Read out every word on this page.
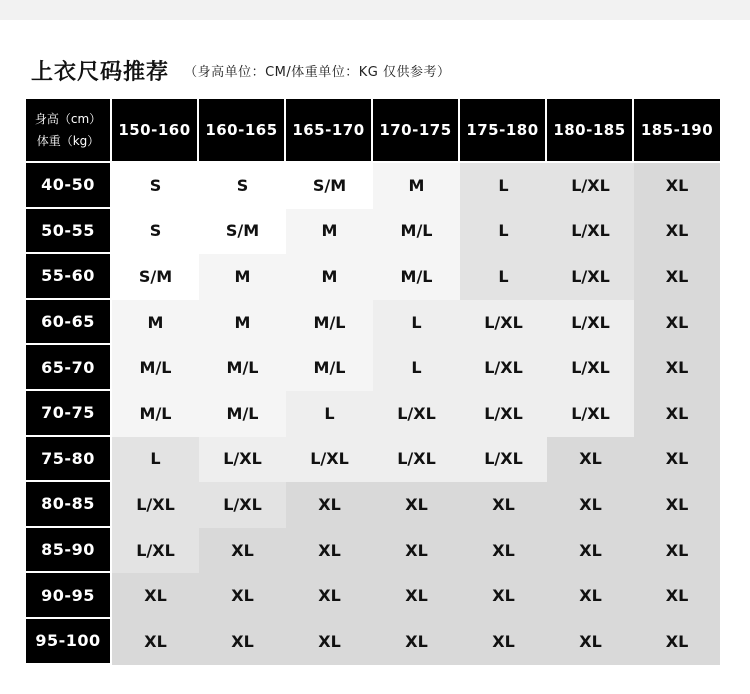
上衣尺码推荐 （身高单位：CM/体重单位：KG 仅供参考）
身高（cm）
体重（kg）	150-160	160-165	165-170	170-175	175-180	180-185	185-190
40-50	S	S	S/M	M	L	L/XL	XL
50-55	S	S/M	M	M/L	L	L/XL	XL
55-60	S/M	M	M	M/L	L	L/XL	XL
60-65	M	M	M/L	L	L/XL	L/XL	XL
65-70	M/L	M/L	M/L	L	L/XL	L/XL	XL
70-75	M/L	M/L	L	L/XL	L/XL	L/XL	XL
75-80	L	L/XL	L/XL	L/XL	L/XL	XL	XL
80-85	L/XL	L/XL	XL	XL	XL	XL	XL
85-90	L/XL	XL	XL	XL	XL	XL	XL
90-95	XL	XL	XL	XL	XL	XL	XL
95-100	XL	XL	XL	XL	XL	XL	XL
